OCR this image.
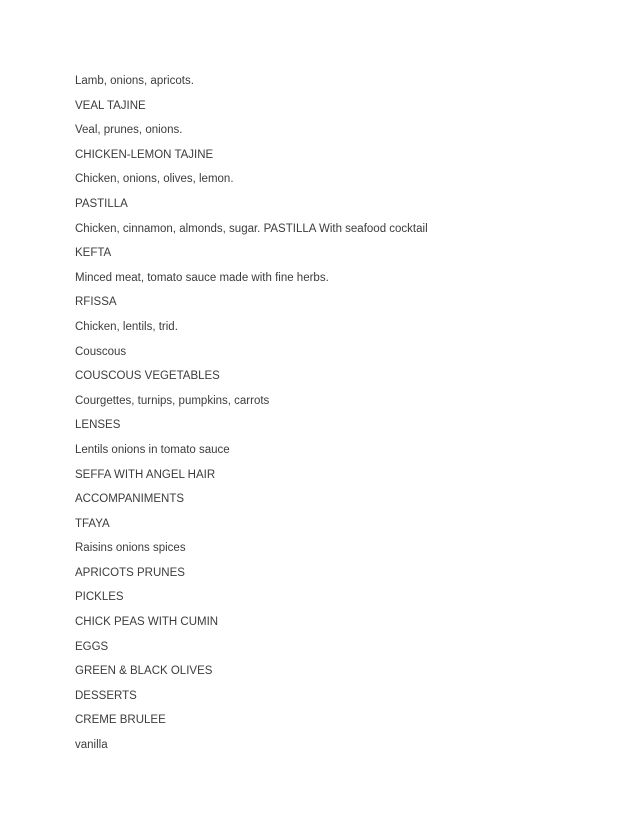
Lamb, onions, apricots.
VEAL TAJINE
Veal, prunes, onions.
CHICKEN-LEMON TAJINE
Chicken, onions, olives, lemon.
PASTILLA
Chicken, cinnamon, almonds, sugar. PASTILLA With seafood cocktail
KEFTA
Minced meat, tomato sauce made with fine herbs.
RFISSA
Chicken, lentils, trid.
Couscous
COUSCOUS VEGETABLES
Courgettes, turnips, pumpkins, carrots
LENSES
Lentils onions in tomato sauce
SEFFA WITH ANGEL HAIR
ACCOMPANIMENTS
TFAYA
Raisins onions spices
APRICOTS PRUNES
PICKLES
CHICK PEAS WITH CUMIN
EGGS
GREEN & BLACK OLIVES
DESSERTS
CREME BRULEE
vanilla
